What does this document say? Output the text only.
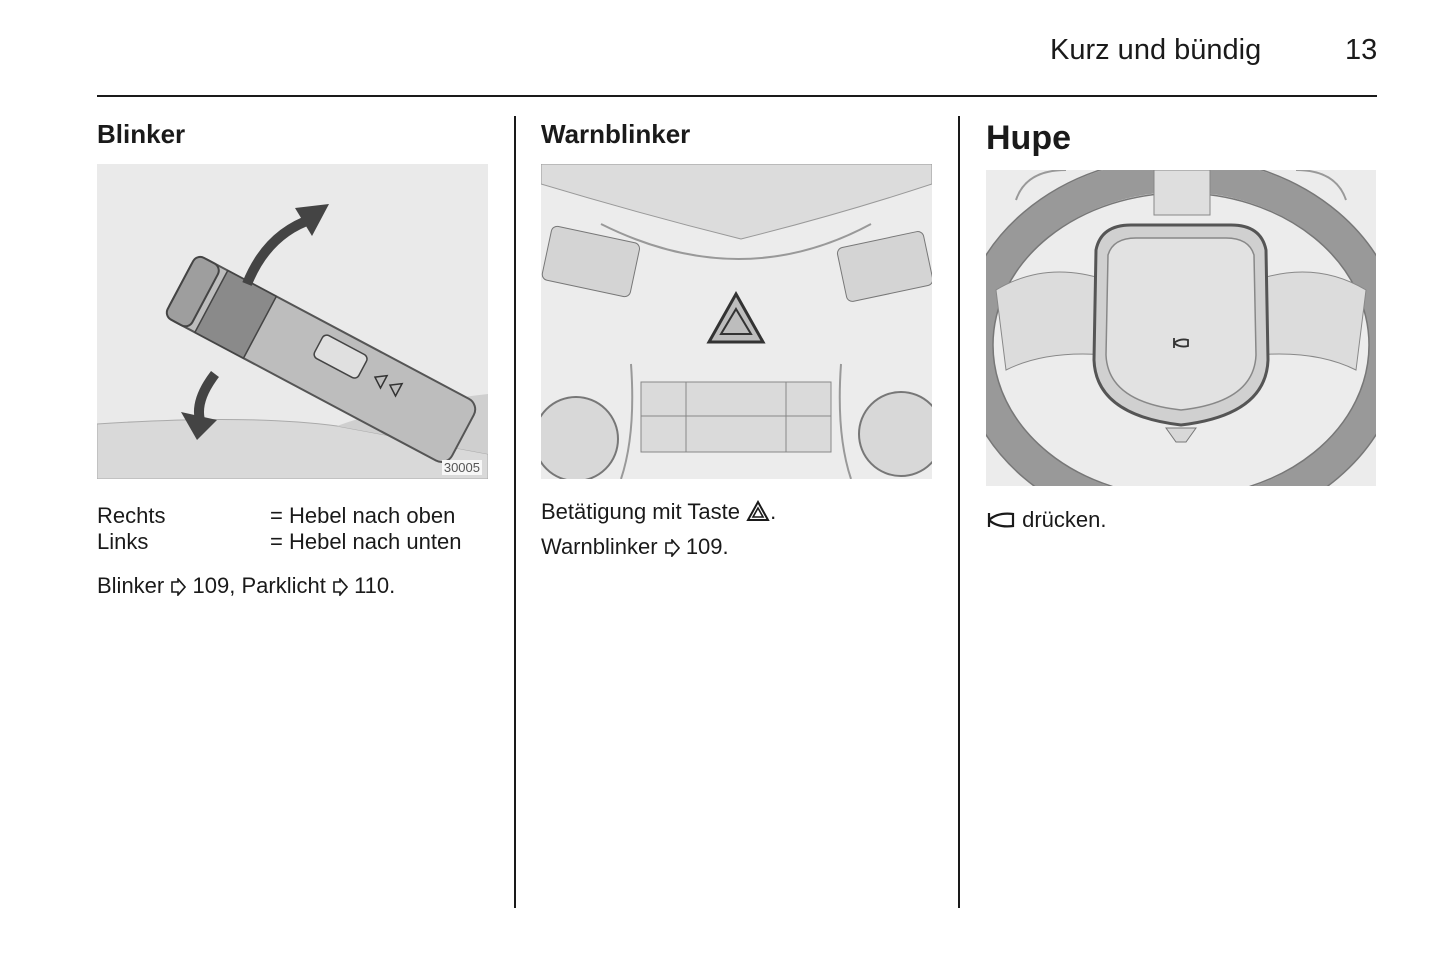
Kurz und bündig	13
Blinker
30005
Rechts	= Hebel nach oben
Links	= Hebel nach unten
Blinker 109, Parklicht 110.
Warnblinker
Betätigung mit Taste .
Warnblinker 109.
Hupe
drücken.
